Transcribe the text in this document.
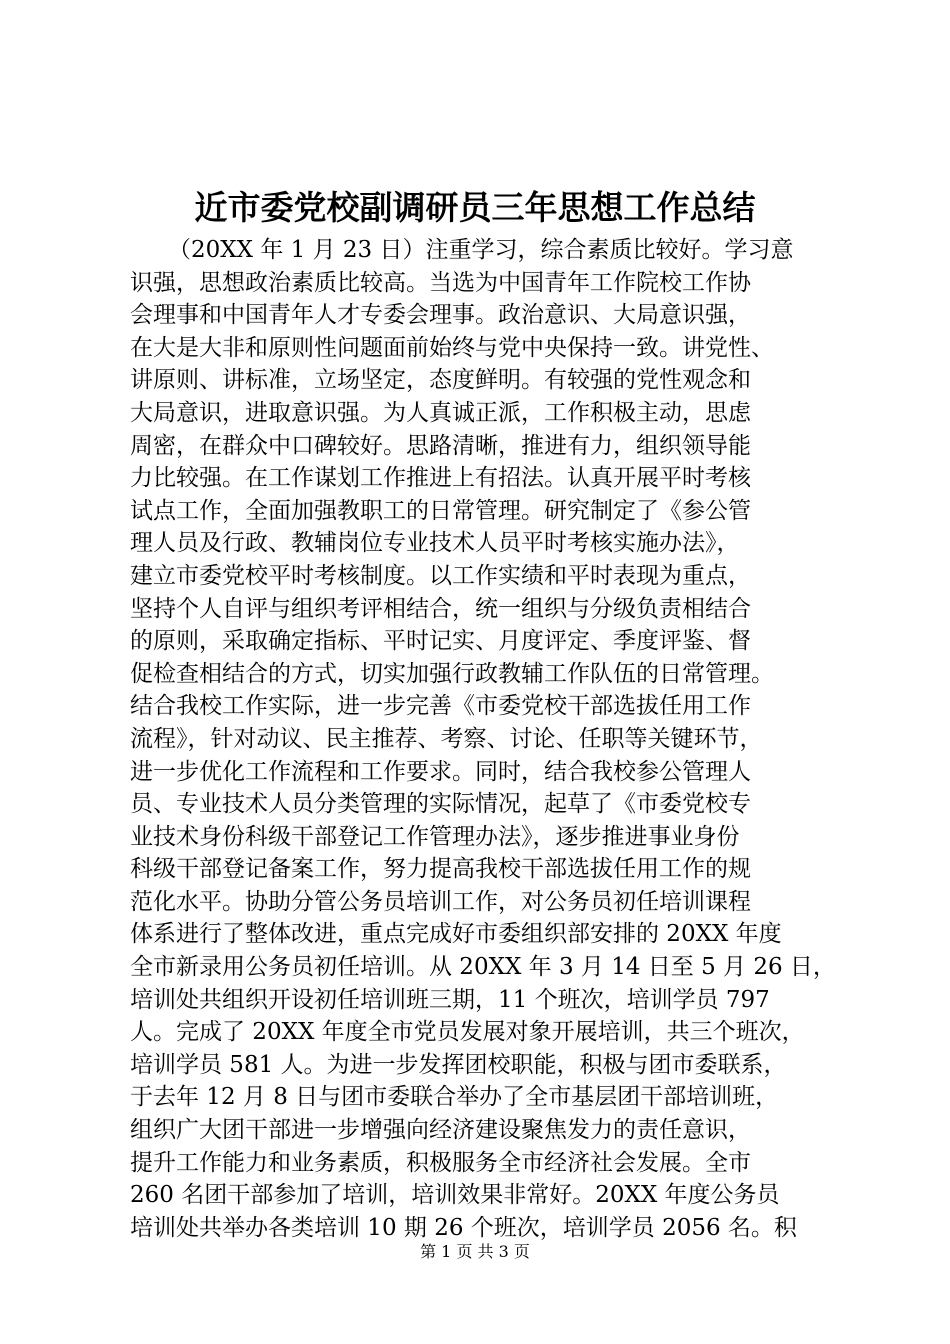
近市委党校副调研员三年思想工作总结
（20XX 年 1 月 23 日）注重学习，综合素质比较好。学习意
识强，思想政治素质比较高。当选为中国青年工作院校工作协
会理事和中国青年人才专委会理事。政治意识、大局意识强，
在大是大非和原则性问题面前始终与党中央保持一致。讲党性、
讲原则、讲标准，立场坚定，态度鲜明。有较强的党性观念和
大局意识，进取意识强。为人真诚正派，工作积极主动，思虑
周密，在群众中口碑较好。思路清晰，推进有力，组织领导能
力比较强。在工作谋划工作推进上有招法。认真开展平时考核
试点工作，全面加强教职工的日常管理。研究制定了《参公管
理人员及行政、教辅岗位专业技术人员平时考核实施办法》，
建立市委党校平时考核制度。以工作实绩和平时表现为重点，
坚持个人自评与组织考评相结合，统一组织与分级负责相结合
的原则，采取确定指标、平时记实、月度评定、季度评鉴、督
促检查相结合的方式，切实加强行政教辅工作队伍的日常管理。
结合我校工作实际，进一步完善《市委党校干部选拔任用工作
流程》，针对动议、民主推荐、考察、讨论、任职等关键环节，
进一步优化工作流程和工作要求。同时，结合我校参公管理人
员、专业技术人员分类管理的实际情况，起草了《市委党校专
业技术身份科级干部登记工作管理办法》，逐步推进事业身份
科级干部登记备案工作，努力提高我校干部选拔任用工作的规
范化水平。协助分管公务员培训工作，对公务员初任培训课程
体系进行了整体改进，重点完成好市委组织部安排的 20XX 年度
全市新录用公务员初任培训。从 20XX 年 3 月 14 日至 5 月 26 日，
培训处共组织开设初任培训班三期，11 个班次，培训学员 797
人。完成了 20XX 年度全市党员发展对象开展培训，共三个班次，
培训学员 581 人。为进一步发挥团校职能，积极与团市委联系，
于去年 12 月 8 日与团市委联合举办了全市基层团干部培训班，
组织广大团干部进一步增强向经济建设聚焦发力的责任意识，
提升工作能力和业务素质，积极服务全市经济社会发展。全市
260 名团干部参加了培训，培训效果非常好。20XX 年度公务员
培训处共举办各类培训 10 期 26 个班次，培训学员 2056 名。积
第 1 页 共 3 页
